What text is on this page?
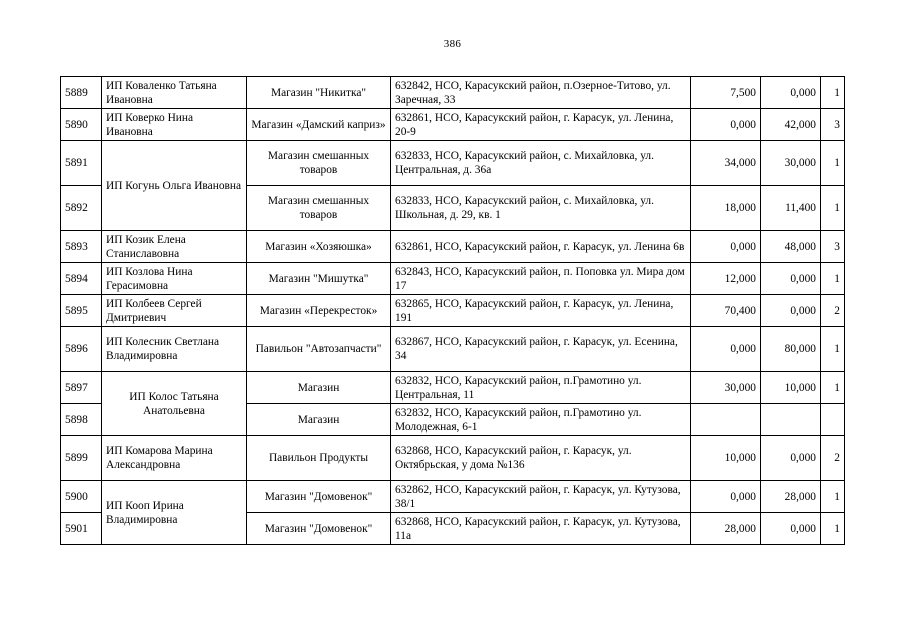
386
5889	ИП Коваленко Татьяна Ивановна	Магазин "Никитка"	632842, НСО, Карасукский район, п.Озерное-Титово, ул. Заречная, 33	7,500	0,000	1
5890	ИП Коверко Нина Ивановна	Магазин «Дамский каприз»	632861, НСО, Карасукский район, г. Карасук, ул. Ленина, 20-9	0,000	42,000	3
5891	ИП Когунь Ольга Ивановна	Магазин смешанных товаров	632833, НСО, Карасукский район, с. Михайловка, ул. Центральная, д. 36а	34,000	30,000	1
5892		Магазин смешанных товаров	632833, НСО, Карасукский район, с. Михайловка, ул. Школьная, д. 29, кв. 1	18,000	11,400	1
5893	ИП Козик Елена Станиславовна	Магазин «Хозяюшка»	632861, НСО, Карасукский район, г. Карасук, ул. Ленина 6в	0,000	48,000	3
5894	ИП Козлова Нина Герасимовна	Магазин "Мишутка"	632843, НСО, Карасукский район, п. Поповка ул. Мира дом 17	12,000	0,000	1
5895	ИП Колбеев Сергей Дмитриевич	Магазин «Перекресток»	632865, НСО, Карасукский район, г. Карасук, ул. Ленина, 191	70,400	0,000	2
5896	ИП Колесник Светлана Владимировна	Павильон "Автозапчасти"	632867, НСО, Карасукский район, г. Карасук, ул. Есенина, 34	0,000	80,000	1
5897	ИП Колос Татьяна Анатольевна	Магазин	632832, НСО, Карасукский район, п.Грамотино ул. Центральная, 11	30,000	10,000	1
5898		Магазин	632832, НСО, Карасукский район, п.Грамотино ул. Молодежная, 6-1			
5899	ИП Комарова Марина Александровна	Павильон Продукты	632868, НСО, Карасукский район, г. Карасук, ул. Октябрьская, у дома №136	10,000	0,000	2
5900	ИП Кооп Ирина Владимировна	Магазин "Домовенок"	632862, НСО, Карасукский район, г. Карасук, ул. Кутузова, 38/1	0,000	28,000	1
5901		Магазин "Домовенок"	632868, НСО, Карасукский район, г. Карасук, ул. Кутузова, 11а	28,000	0,000	1
